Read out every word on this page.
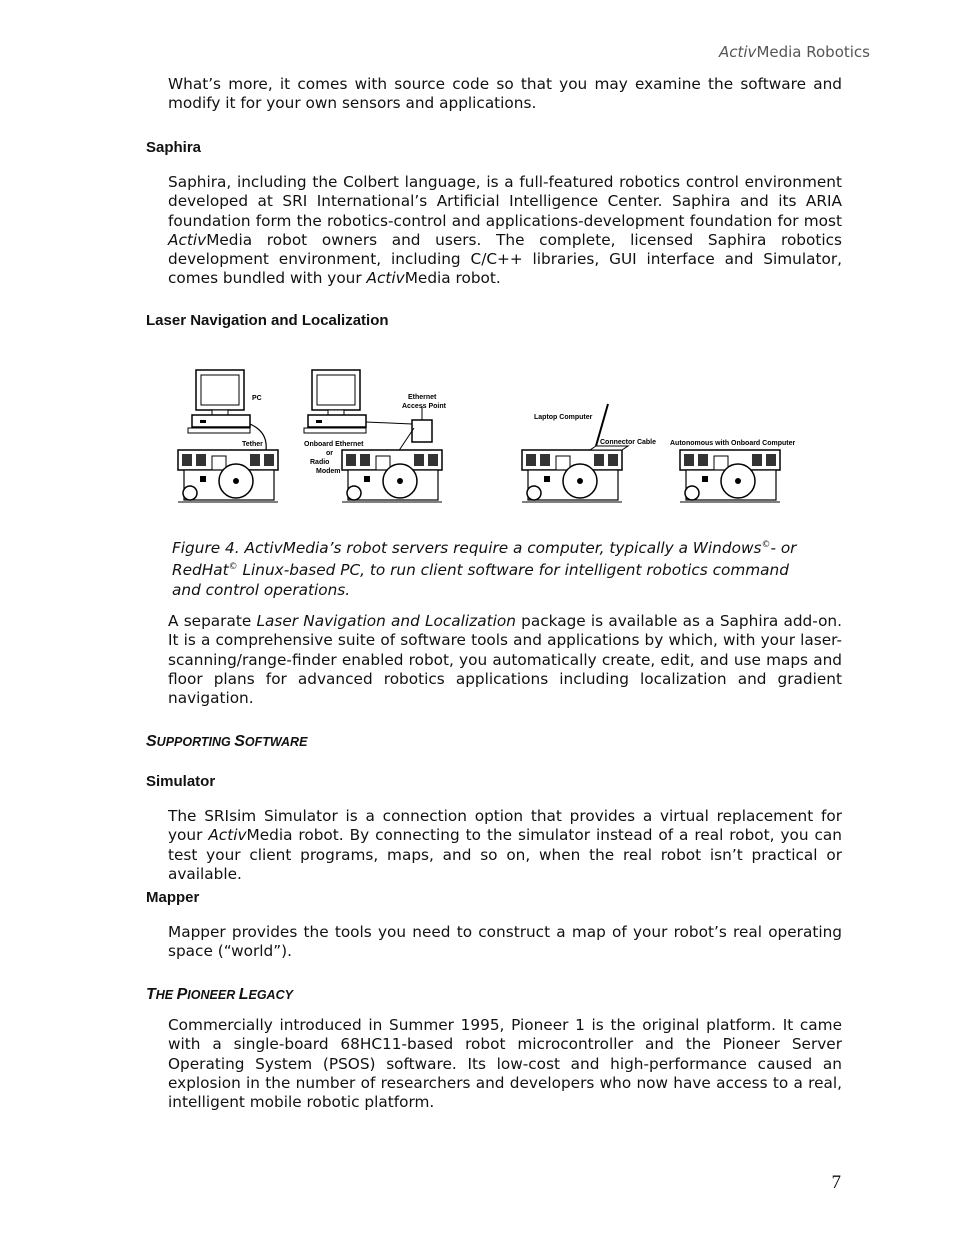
ActivMedia Robotics
What’s more, it comes with source code so that you may examine the software and modify it for your own sensors and applications.
Saphira
Saphira, including the Colbert language, is a full-featured robotics control environment developed at SRI International’s Artificial Intelligence Center. Saphira and its ARIA foundation form the robotics-control and applications-development foundation for most ActivMedia robot owners and users. The complete, licensed Saphira robotics development environment, including C/C++ libraries, GUI interface and Simulator, comes bundled with your ActivMedia robot.
Laser Navigation and Localization
PC
Tether
Ethernet
Access Point
Onboard Ethernet
or
Radio
Modem
Laptop Computer
Connector Cable Autonomous with Onboard Computer
Figure 4. ActivMedia’s robot servers require a computer, typically a Windows©- or RedHat© Linux-based PC, to run client software for intelligent robotics command and control operations.
A separate Laser Navigation and Localization package is available as a Saphira add-on. It is a comprehensive suite of software tools and applications by which, with your laser-scanning/range-finder enabled robot, you automatically create, edit, and use maps and floor plans for advanced robotics applications including localization and gradient navigation.
SUPPORTING SOFTWARE
Simulator
The SRIsim Simulator is a connection option that provides a virtual replacement for your ActivMedia robot. By connecting to the simulator instead of a real robot, you can test your client programs, maps, and so on, when the real robot isn’t practical or available.
Mapper
Mapper provides the tools you need to construct a map of your robot’s real operating space (“world”).
THE PIONEER LEGACY
Commercially introduced in Summer 1995, Pioneer 1 is the original platform. It came with a single-board 68HC11-based robot microcontroller and the Pioneer Server Operating System (PSOS) software. Its low-cost and high-performance caused an explosion in the number of researchers and developers who now have access to a real, intelligent mobile robotic platform.
7
